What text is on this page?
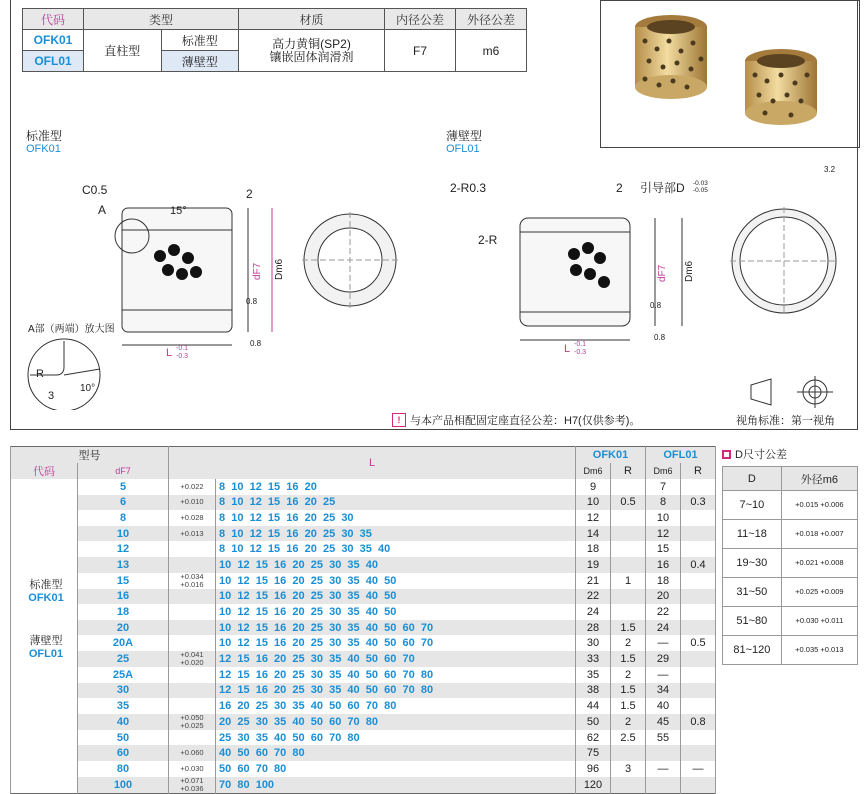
代码	类型		材质	内径公差	外径公差
OFK01	直柱型	标准型	高力黄铜(SP2)
镶嵌固体润滑剂	F7	m6
OFL01		薄壁型			
标准型
OFK01
薄壁型
OFL01
C0.5
A	15°
2
dF7 Dm6
L -0.1
-0.3
0.8
0.8
A部（两端）放大图
R
3
10°
2-R0.3
2-R
2 引导部D -0.03
-0.05
dF7 Dm6
L -0.1
-0.3
0.8
0.8
3.2
! 与本产品相配固定座直径公差：H7(仅供参考)。	视角标准：第一视角
型号		L		OFK01		OFL01	
代码	dF7			Dm6	R	Dm6	R
	5	+0.022	8  10  12  15  16  20	9		7	
	6	+0.010	8  10  12  15  16  20  25	10	0.5	8	0.3
	8	+0.028	8  10  12  15  16  20  25  30	12		10	
	10	+0.013	8  10  12  15  16  20  25  30  35	14		12	
	12		8  10  12  15  16  20  25  30  35  40	18		15	
	13		10  12  15  16  20  25  30  35  40	19		16	0.4
	15	+0.034 +0.016	10  12  15  16  20  25  30  35  40  50	21	1	18	
	16		10  12  15  16  20  25  30  35  40  50	22		20	
	18		10  12  15  16  20  25  30  35  40  50	24		22	
	20		10  12  15  16  20  25  30  35  40  50  60  70	28	1.5	24	
	20A		10  12  15  16  20  25  30  35  40  50  60  70	30	2	—	0.5
	25	+0.041 +0.020	12  15  16  20  25  30  35  40  50  60  70	33	1.5	29	
	25A		12  15  16  20  25  30  35  40  50  60  70  80	35	2	—	
	30		12  15  16  20  25  30  35  40  50  60  70  80	38	1.5	34	
	35		16  20  25  30  35  40  50  60  70  80	44	1.5	40	
	40	+0.050 +0.025	20  25  30  35  40  50  60  70  80	50	2	45	0.8
	50		25  30  35  40  50  60  70  80	62	2.5	55	
	60	+0.060	40  50  60  70  80	75			
	80	+0.030	50  60  70  80	96	3	—	—
	100	+0.071 +0.036	70  80  100	120			
标准型
OFK01
薄壁型
OFL01
D尺寸公差
D	外径m6
7~10	+0.015 +0.006
11~18	+0.018 +0.007
19~30	+0.021 +0.008
31~50	+0.025 +0.009
51~80	+0.030 +0.011
81~120	+0.035 +0.013
